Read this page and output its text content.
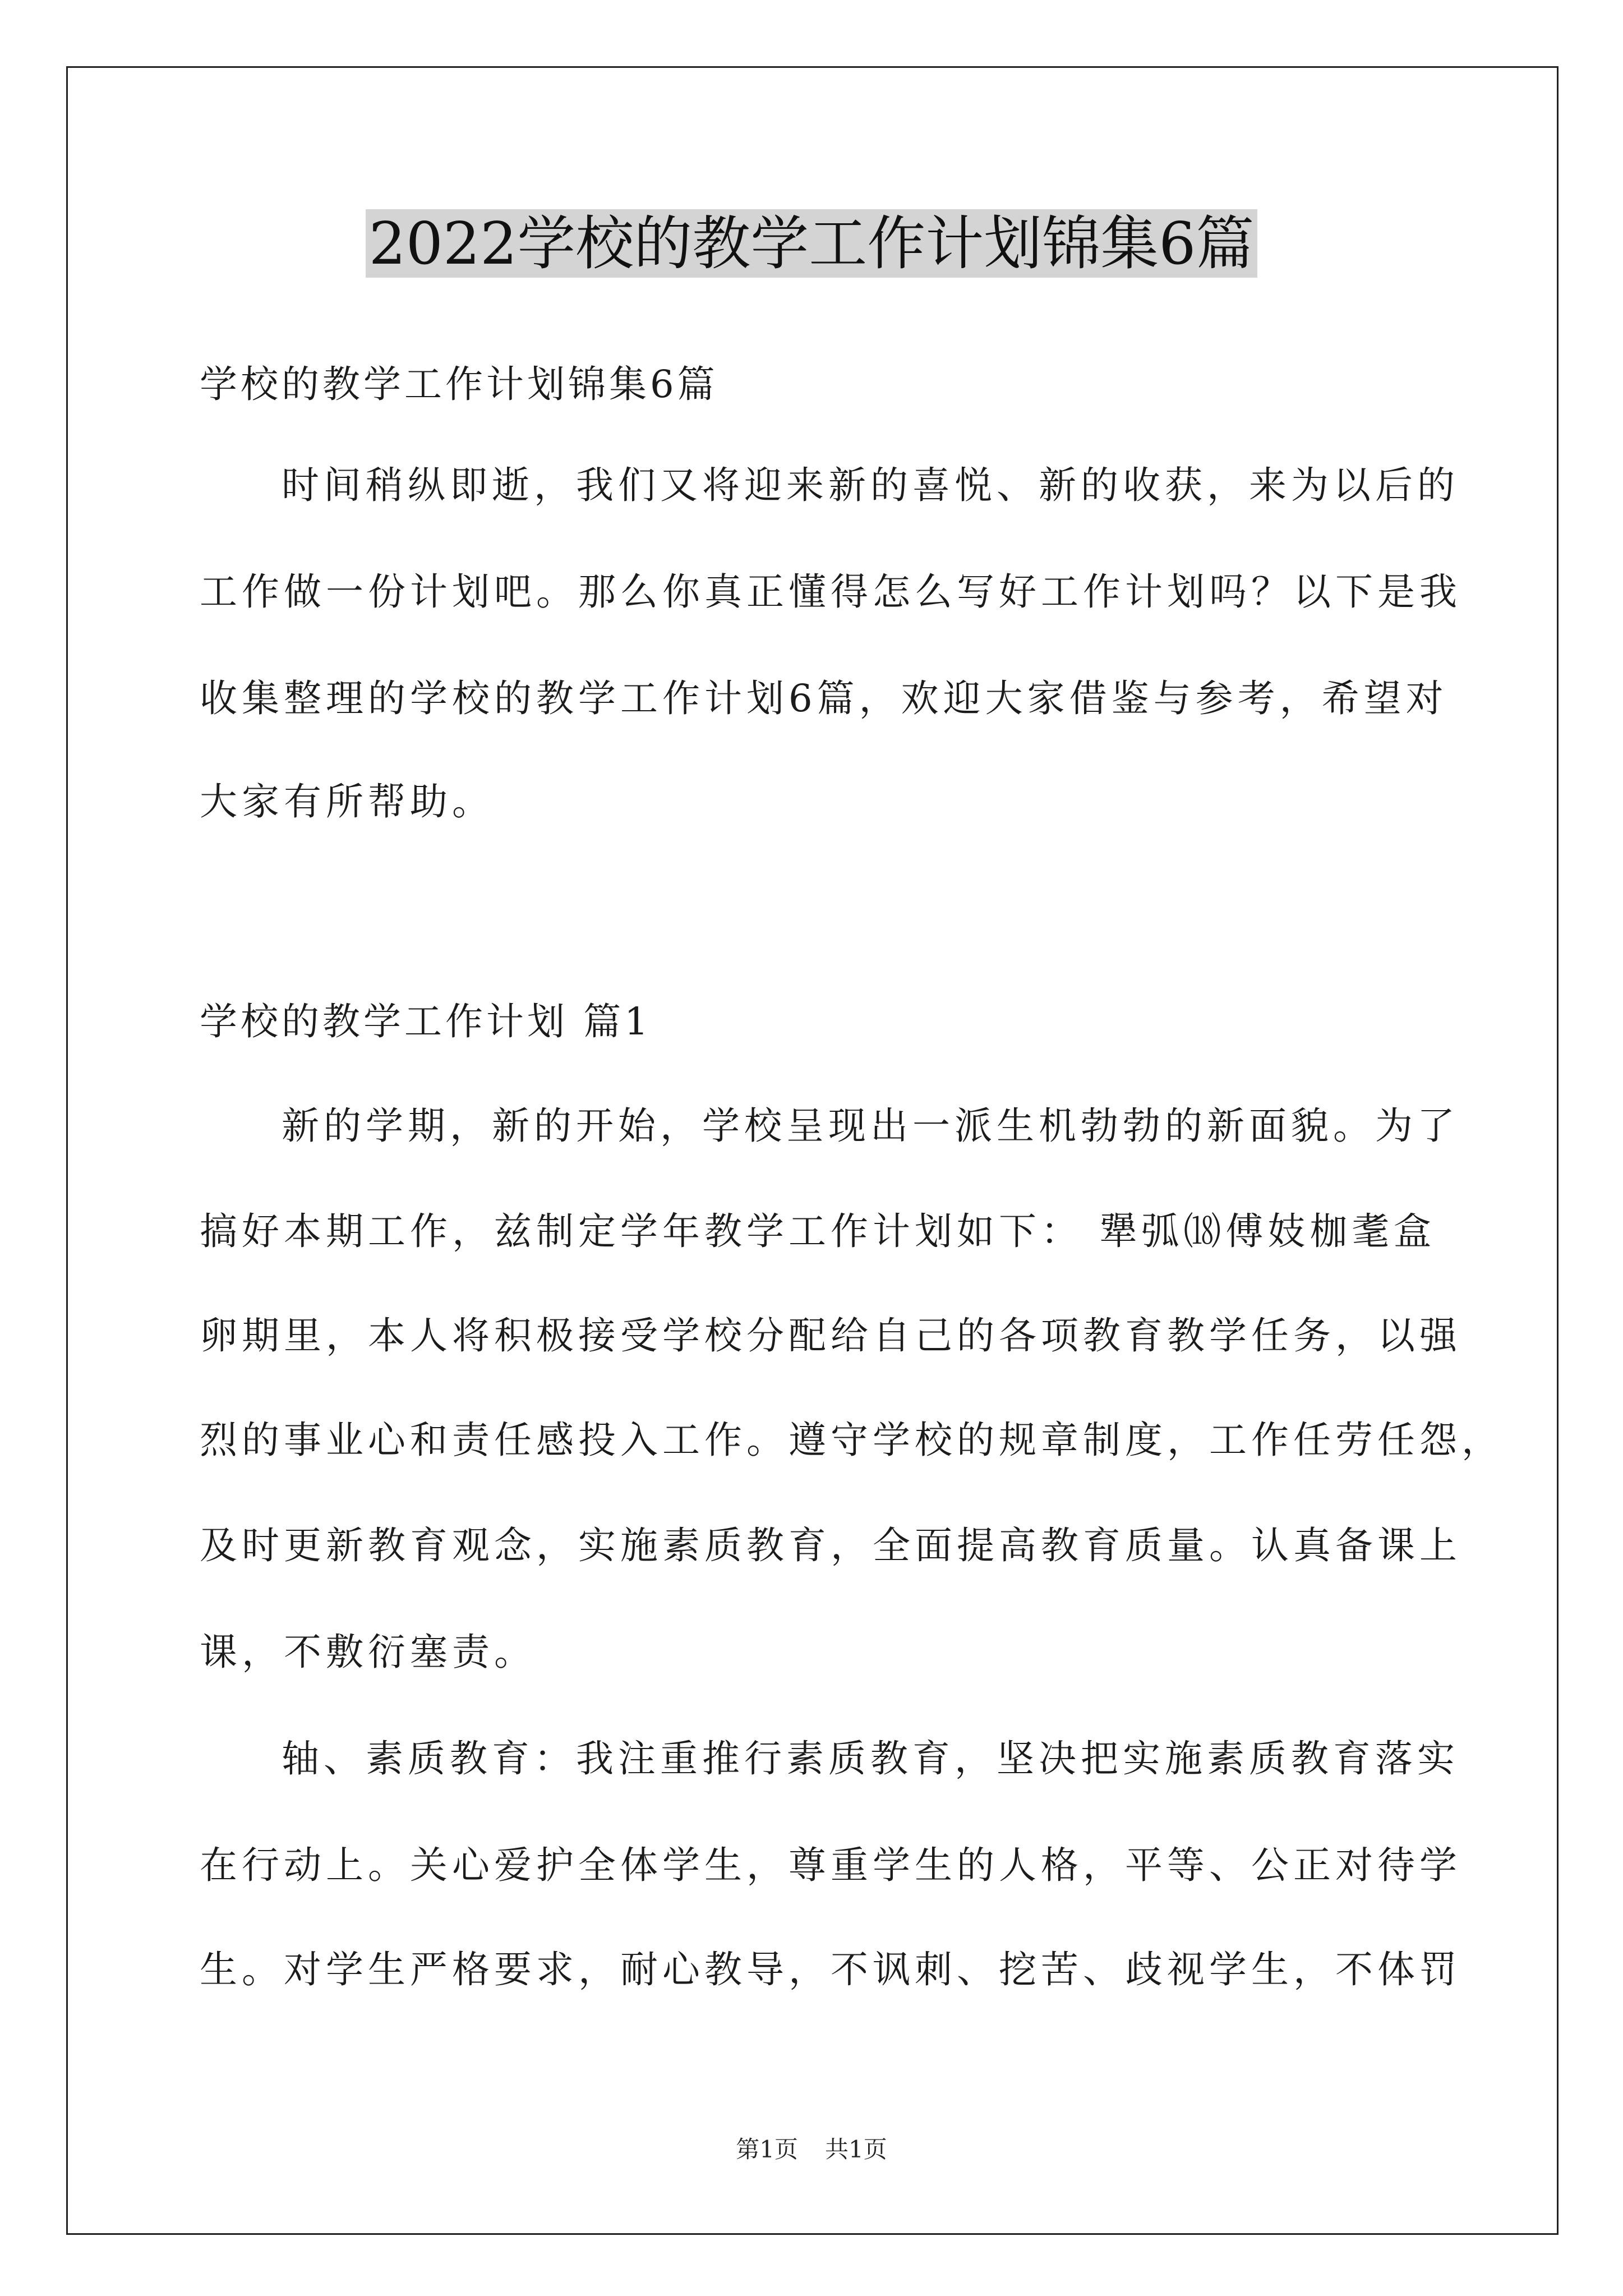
2022学校的教学工作计划锦集6篇
学校的教学工作计划锦集6篇
时间稍纵即逝，我们又将迎来新的喜悦、新的收获，来为以后的
工作做一份计划吧。那么你真正懂得怎么写好工作计划吗？以下是我
收集整理的学校的教学工作计划6篇，欢迎大家借鉴与参考，希望对
大家有所帮助。
学校的教学工作计划 篇1
新的学期，新的开始，学校呈现出一派生机勃勃的新面貌。为了
搞好本期工作，兹制定学年教学工作计划如下： 犟弧⒅傅妓枷耄盒
卵期里，本人将积极接受学校分配给自己的各项教育教学任务，以强
烈的事业心和责任感投入工作。遵守学校的规章制度，工作任劳任怨，
及时更新教育观念，实施素质教育，全面提高教育质量。认真备课上
课，不敷衍塞责。
轴、素质教育：我注重推行素质教育，坚决把实施素质教育落实
在行动上。关心爱护全体学生，尊重学生的人格，平等、公正对待学
生。对学生严格要求，耐心教导，不讽刺、挖苦、歧视学生，不体罚
第1页 共1页
